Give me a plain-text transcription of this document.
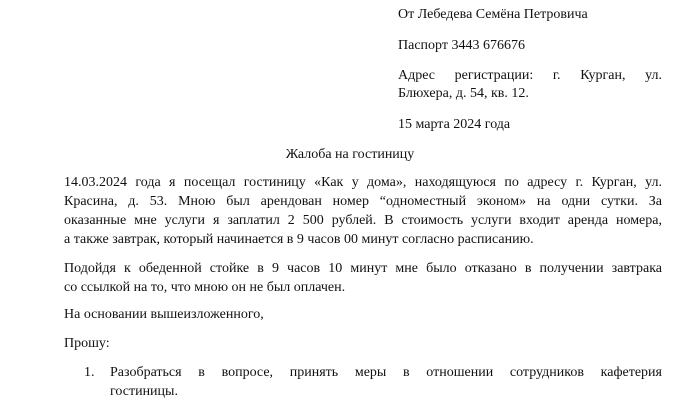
От Лебедева Семёна Петровича
Паспорт 3443 676676
Адрес регистрации: г. Курган, ул.
Блюхера, д. 54, кв. 12.
15 марта 2024 года
Жалоба на гостиницу
14.03.2024 года я посещал гостиницу «Как у дома», находящуюся по адресу г. Курган, ул.
Красина, д. 53. Мною был арендован номер “одноместный эконом» на одни сутки. За
оказанные мне услуги я заплатил 2 500 рублей. В стоимость услуги входит аренда номера,
а также завтрак, который начинается в 9 часов 00 минут согласно расписанию.
Подойдя к обеденной стойке в 9 часов 10 минут мне было отказано в получении завтрака
со ссылкой на то, что мною он не был оплачен.
На основании вышеизложенного,
Прошу:
1. Разобраться в вопросе, принять меры в отношении сотрудников кафетерия
гостиницы.
